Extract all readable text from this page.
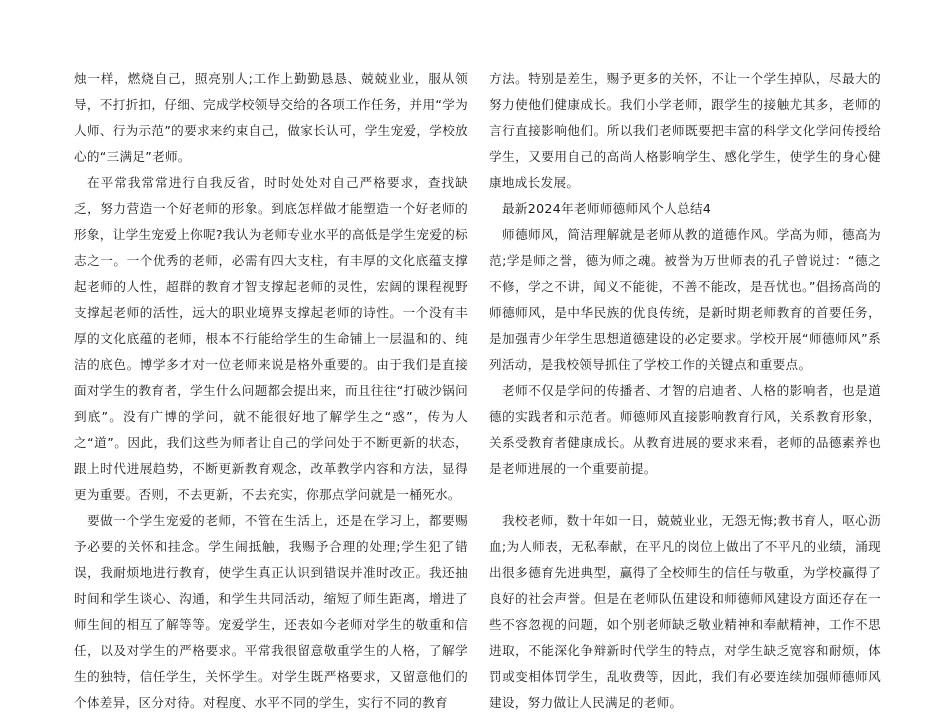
烛一样，燃烧自己，照亮别人;工作上勤勤恳恳、兢兢业业，服从领导，不打折扣，仔细、完成学校领导交给的各项工作任务，并用“学为人师、行为示范”的要求来约束自己，做家长认可，学生宠爱，学校放心的“三满足”老师。

在平常我常常进行自我反省，时时处处对自己严格要求，查找缺乏，努力营造一个好老师的形象。到底怎样做才能塑造一个好老师的形象，让学生宠爱上你呢?我认为老师专业水平的高低是学生宠爱的标志之一。一个优秀的老师，必需有四大支柱，有丰厚的文化底蕴支撑起老师的人性，超群的教育才智支撑起老师的灵性，宏阔的课程视野支撑起老师的活性，远大的职业境界支撑起老师的诗性。一个没有丰厚的文化底蕴的老师，根本不行能给学生的生命铺上一层温和的、纯洁的底色。博学多才对一位老师来说是格外重要的。由于我们是直接面对学生的教育者，学生什么问题都会提出来，而且往往“打破沙锅问到底”。没有广博的学问，就不能很好地了解学生之“惑”，传为人之“道”。因此，我们这些为师者让自己的学问处于不断更新的状态，跟上时代进展趋势，不断更新教育观念，改革教学内容和方法，显得更为重要。否则，不去更新，不去充实，你那点学问就是一桶死水。

要做一个学生宠爱的老师，不管在生活上，还是在学习上，都要赐予必要的关怀和挂念。学生闹抵触，我赐予合理的处理;学生犯了错误，我耐烦地进行教育，使学生真正认识到错误并准时改正。我还抽时间和学生谈心、沟通，和学生共同活动，缩短了师生距离，增进了师生间的相互了解等等。宠爱学生，还表如今老师对学生的敬重和信任，以及对学生的严格要求。平常我很留意敬重学生的人格，了解学生的独特，信任学生，关怀学生。对学生既严格要求，又留意他们的个体差异，区分对待。对程度、水平不同的学生，实行不同的教育

方法。特别是差生，赐予更多的关怀，不让一个学生掉队，尽最大的努力使他们健康成长。我们小学老师，跟学生的接触尤其多，老师的言行直接影响他们。所以我们老师既要把丰富的科学文化学问传授给学生，又要用自己的高尚人格影响学生、感化学生，使学生的身心健康地成长发展。

最新2024年老师师德师风个人总结4

师德师风，简洁理解就是老师从教的道德作风。学高为师，德高为范;学是师之誉，德为师之魂。被誉为万世师表的孔子曾说过：“德之不修，学之不讲，闻义不能徙，不善不能改，是吾忧也。”倡扬高尚的师德师风，是中华民族的优良传统，是新时期老师教育的首要任务，是加强青少年学生思想道德建设的必定要求。学校开展“师德师风”系列活动，是我校领导抓住了学校工作的关键点和重要点。

老师不仅是学问的传播者、才智的启迪者、人格的影响者，也是道德的实践者和示范者。师德师风直接影响教育行风，关系教育形象，关系受教育者健康成长。从教育进展的要求来看，老师的品德素养也是老师进展的一个重要前提。

我校老师，数十年如一日，兢兢业业，无怨无悔;教书育人，呕心沥血;为人师表，无私奉献，在平凡的岗位上做出了不平凡的业绩，涌现出很多德育先进典型，赢得了全校师生的信任与敬重，为学校赢得了良好的社会声誉。但是在老师队伍建设和师德师风建设方面还存在一些不容忽视的问题，如个别老师缺乏敬业精神和奉献精神，工作不思进取，不能深化争辩新时代学生的特点，对学生缺乏宽容和耐烦，体罚或变相体罚学生，乱收费等，因此，我们有必要连续加强师德师风建设，努力做让人民满足的老师。
